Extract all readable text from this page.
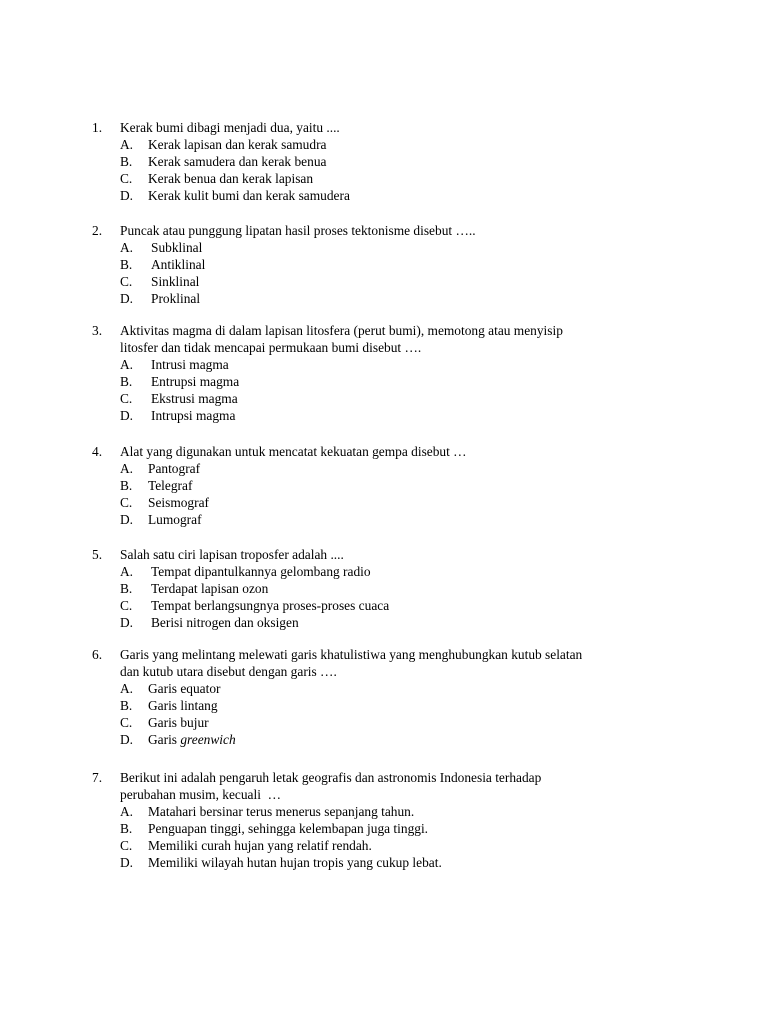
1.	Kerak bumi dibagi menjadi dua, yaitu ....
A.	Kerak lapisan dan kerak samudra
B.	Kerak samudera dan kerak benua
C.	Kerak benua dan kerak lapisan
D.	Kerak kulit bumi dan kerak samudera
2.	Puncak atau punggung lipatan hasil proses tektonisme disebut …..
A.	Subklinal
B.	Antiklinal
C.	Sinklinal
D.	Proklinal
3.	Aktivitas magma di dalam lapisan litosfera (perut bumi), memotong atau menyisip
litosfer dan tidak mencapai permukaan bumi disebut ….
A.	Intrusi magma
B.	Entrupsi magma
C.	Ekstrusi magma
D.	Intrupsi magma
4.	Alat yang digunakan untuk mencatat kekuatan gempa disebut …
A.	Pantograf
B.	Telegraf
C.	Seismograf
D.	Lumograf
5.	Salah satu ciri lapisan troposfer adalah ....
A.	Tempat dipantulkannya gelombang radio
B.	Terdapat lapisan ozon
C.	Tempat berlangsungnya proses-proses cuaca
D.	Berisi nitrogen dan oksigen
6.	Garis yang melintang melewati garis khatulistiwa yang menghubungkan kutub selatan
dan kutub utara disebut dengan garis ….
A.	Garis equator
B.	Garis lintang
C.	Garis bujur
D.	Garis greenwich
7.	Berikut ini adalah pengaruh letak geografis dan astronomis Indonesia terhadap
perubahan musim, kecuali  …
A.	Matahari bersinar terus menerus sepanjang tahun.
B.	Penguapan tinggi, sehingga kelembapan juga tinggi.
C.	Memiliki curah hujan yang relatif rendah.
D.	Memiliki wilayah hutan hujan tropis yang cukup lebat.
